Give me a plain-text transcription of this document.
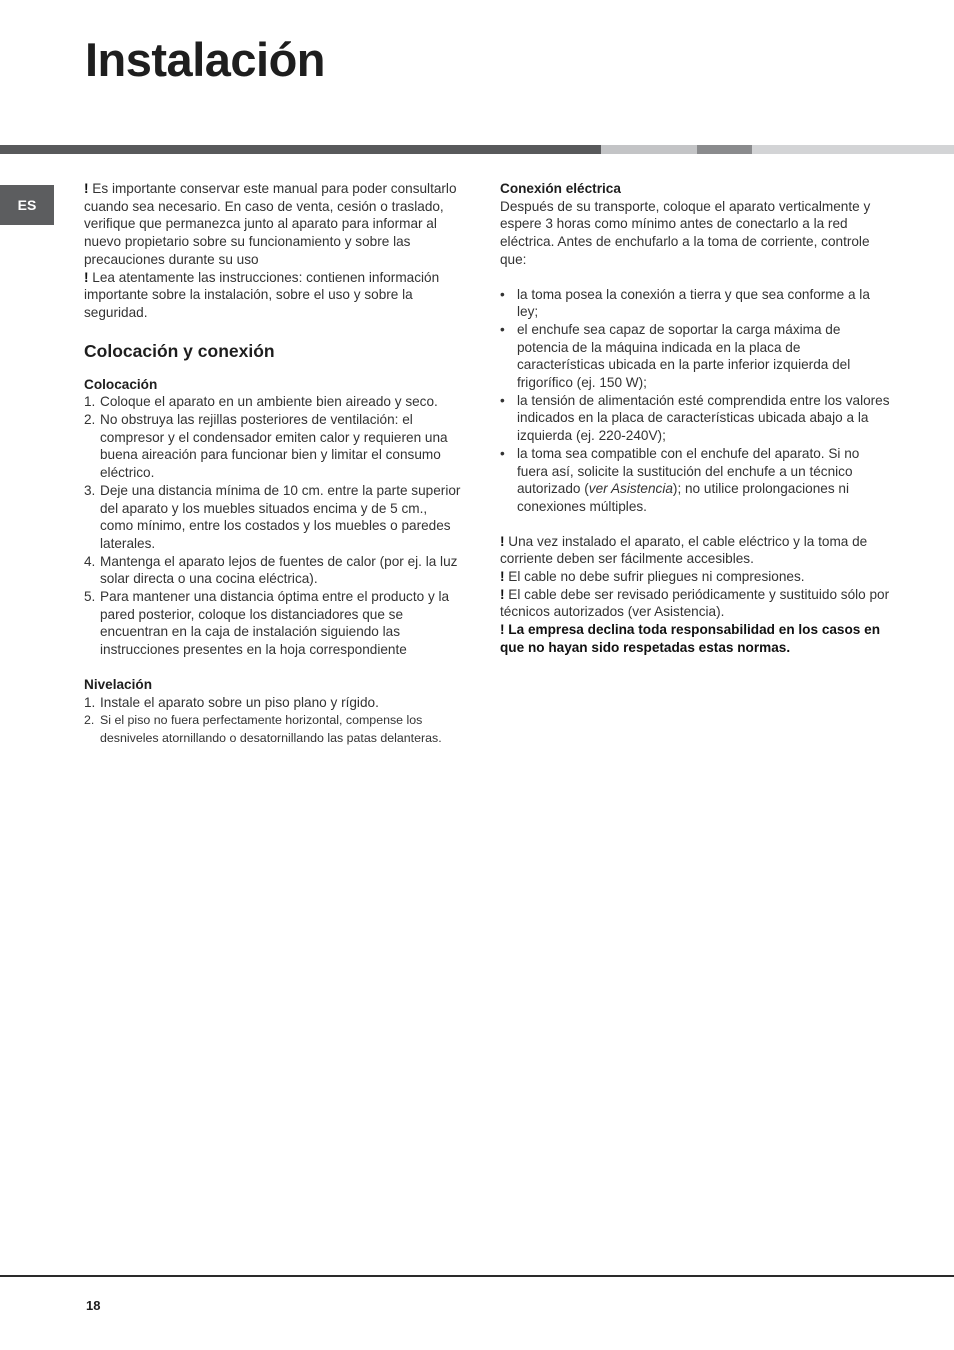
Instalación
ES

! Es importante conservar este manual para poder consultarlo cuando sea necesario. En caso de venta, cesión o traslado, verifique que permanezca junto al aparato para informar al nuevo propietario sobre su funcionamiento y sobre las precauciones durante su uso

! Lea atentamente las instrucciones: contienen información importante sobre la instalación, sobre el uso y sobre la seguridad.

Colocación y conexión
Colocación
1. Coloque el aparato en un ambiente bien aireado y seco.
2. No obstruya las rejillas posteriores de ventilación: el compresor y el condensador emiten calor y requieren una buena aireación para funcionar bien y limitar el consumo eléctrico.
3. Deje una distancia mínima de 10 cm. entre la parte superior del aparato y los muebles situados encima y de 5 cm., como mínimo, entre los costados y los muebles o paredes laterales.
4. Mantenga el aparato lejos de fuentes de calor (por ej. la luz solar directa o una cocina eléctrica).
5. Para mantener una distancia óptima entre el producto y la pared posterior, coloque los distanciadores que se encuentran en la caja de instalación siguiendo las instrucciones presentes en la hoja correspondiente
Nivelación
1. Instale el aparato sobre un piso plano y rígido.
2. Si el piso no fuera perfectamente horizontal, compense los desniveles atornillando o desatornillando las patas delanteras.
Conexión eléctrica

Después de su transporte, coloque el aparato verticalmente y espere 3 horas como mínimo antes de conectarlo a la red eléctrica. Antes de enchufarlo a la toma de corriente, controle que:

• la toma posea la conexión a tierra y que sea conforme a la ley;
• el enchufe sea capaz de soportar la carga máxima de potencia de la máquina indicada en la placa de características ubicada en la parte inferior izquierda del frigorífico (ej. 150 W);
• la tensión de alimentación esté comprendida entre los valores indicados en la placa de características ubicada abajo a la izquierda (ej. 220-240V);
• la toma sea compatible con el enchufe del aparato. Si no fuera así, solicite la sustitución del enchufe a un técnico autorizado (ver Asistencia); no utilice prolongaciones ni conexiones múltiples.

! Una vez instalado el aparato, el cable eléctrico y la toma de corriente deben ser fácilmente accesibles.

! El cable no debe sufrir pliegues ni compresiones.

! El cable debe ser revisado periódicamente y sustituido sólo por técnicos autorizados (ver Asistencia).

! La empresa declina toda responsabilidad en los casos en que no hayan sido respetadas estas normas.

18
